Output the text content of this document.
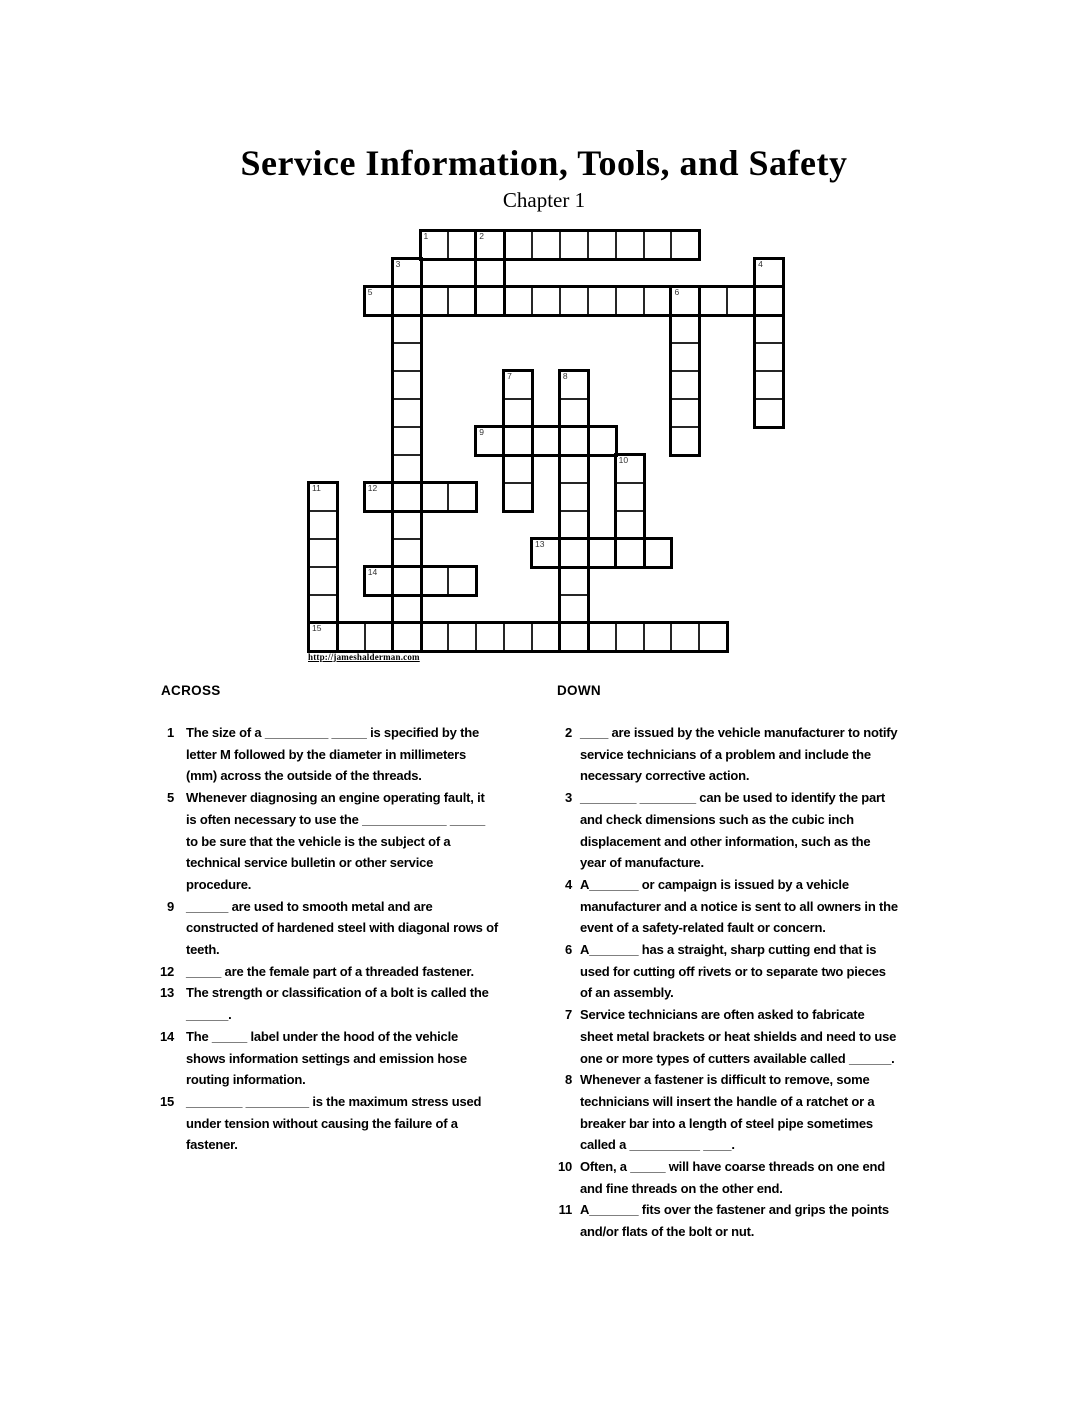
Service Information, Tools, and Safety
Chapter 1
1	2
3	4
5	6
7	8
9
10
11
15
12
13
14
http://jameshalderman.com
ACROSS
1 The size of a _________ _____ is specified by the letter M followed by the diameter in millimeters (mm) across the outside of the threads.
5 Whenever diagnosing an engine operating fault, it is often necessary to use the ____________ _____ to be sure that the vehicle is the subject of a technical service bulletin or other service procedure.
9 ______ are used to smooth metal and are constructed of hardened steel with diagonal rows of teeth.
12 _____ are the female part of a threaded fastener.
13 The strength or classification of a bolt is called the ______.
14 The _____ label under the hood of the vehicle shows information settings and emission hose routing information.
15 ________ _________ is the maximum stress used under tension without causing the failure of a fastener.
DOWN
2 ____ are issued by the vehicle manufacturer to notify service technicians of a problem and include the necessary corrective action.
3 ________ ________ can be used to identify the part and check dimensions such as the cubic inch displacement and other information, such as the year of manufacture.
4 A_______ or campaign is issued by a vehicle manufacturer and a notice is sent to all owners in the event of a safety-related fault or concern.
6 A_______ has a straight, sharp cutting end that is used for cutting off rivets or to separate two pieces of an assembly.
7 Service technicians are often asked to fabricate sheet metal brackets or heat shields and need to use one or more types of cutters available called ______.
8 Whenever a fastener is difficult to remove, some technicians will insert the handle of a ratchet or a breaker bar into a length of steel pipe sometimes called a __________ ____.
10 Often, a _____ will have coarse threads on one end and fine threads on the other end.
11 A_______ fits over the fastener and grips the points and/or flats of the bolt or nut.
